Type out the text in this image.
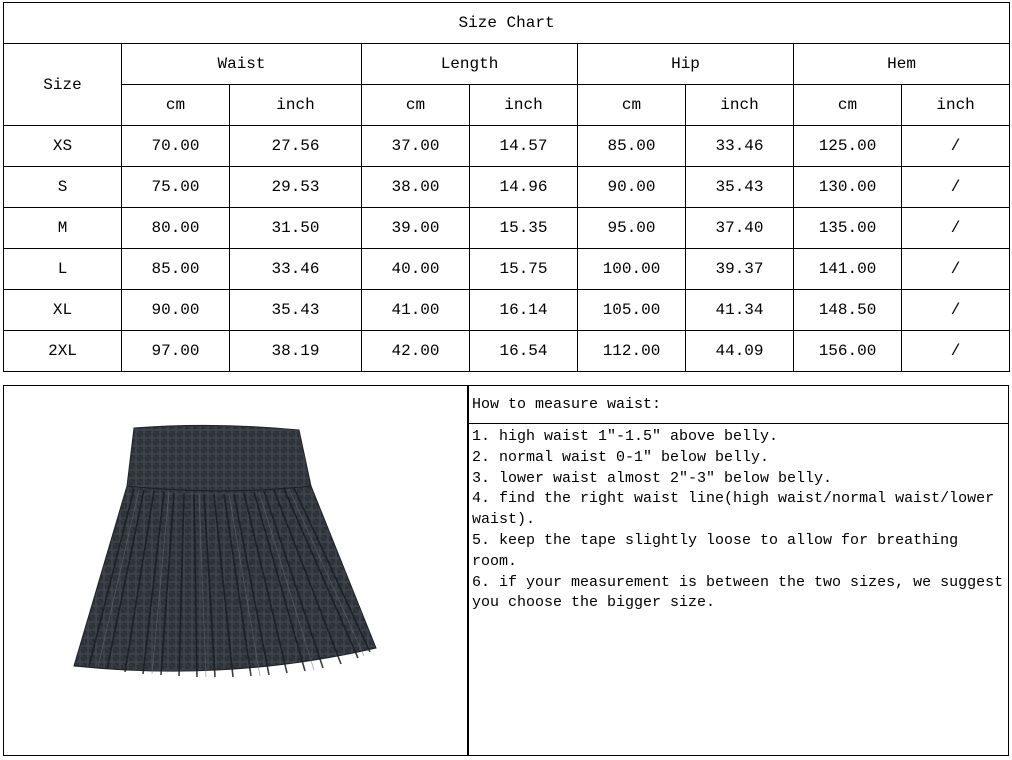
Size Chart								
Size	Waist		Length		Hip		Hem	
	cm	inch	cm	inch	cm	inch	cm	inch
XS	70.00	27.56	37.00	14.57	85.00	33.46	125.00	/
S	75.00	29.53	38.00	14.96	90.00	35.43	130.00	/
M	80.00	31.50	39.00	15.35	95.00	37.40	135.00	/
L	85.00	33.46	40.00	15.75	100.00	39.37	141.00	/
XL	90.00	35.43	41.00	16.14	105.00	41.34	148.50	/
2XL	97.00	38.19	42.00	16.54	112.00	44.09	156.00	/
How to measure waist:
1. high waist 1″-1.5″ above belly.
2. normal waist 0-1″ below belly.
3. lower waist almost 2″-3″ below belly.
4. find the right waist line(high waist/normal waist/lower waist).
5. keep the tape slightly loose to allow for breathing room.
6. if your measurement is between the two sizes, we suggest you choose the bigger size.
